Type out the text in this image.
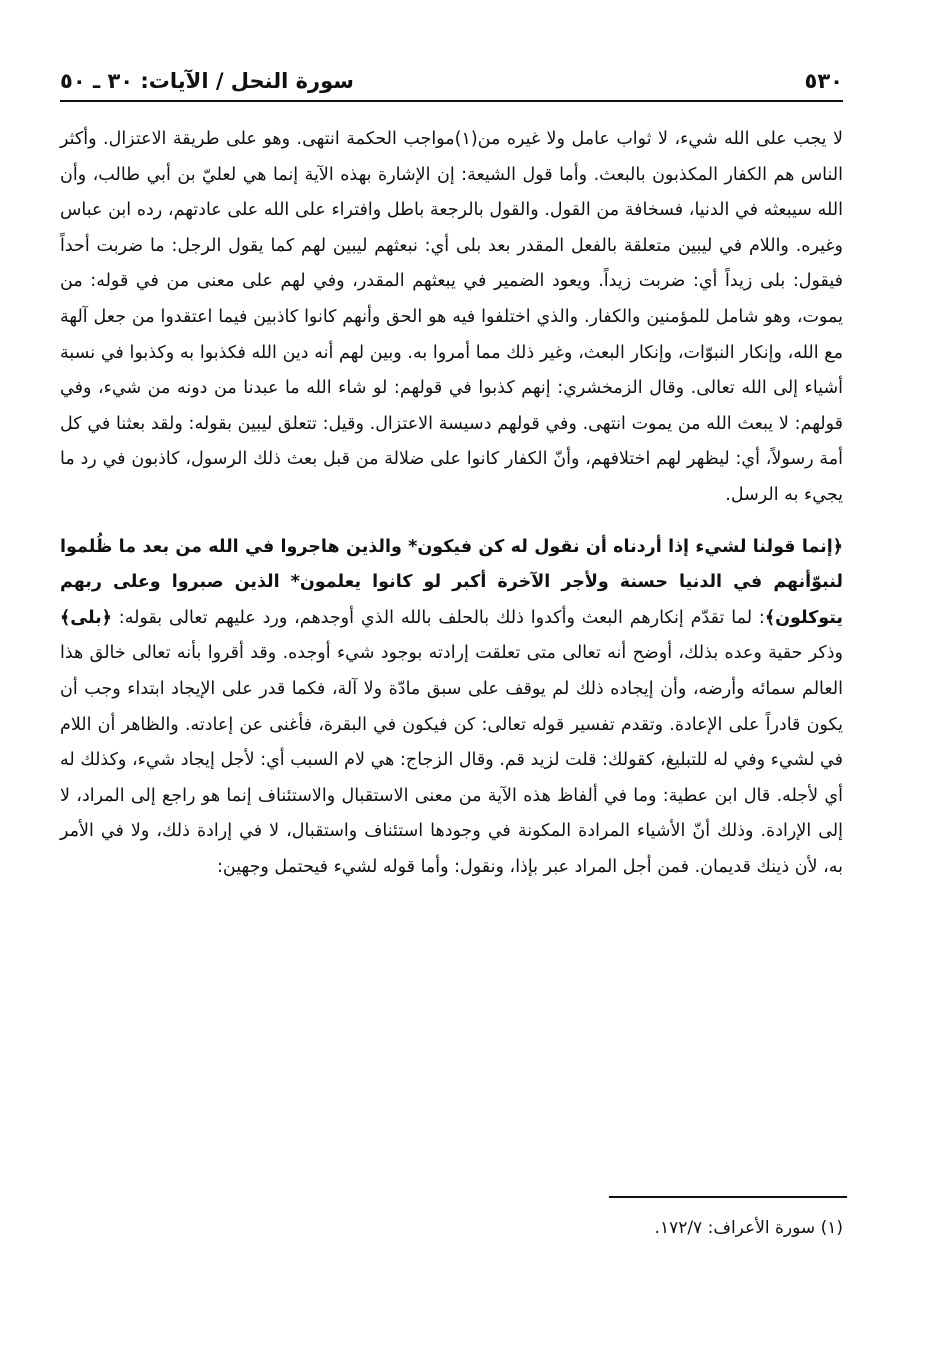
٥٣٠
سورة النحل / الآيات: ٣٠ ـ ٥٠

لا يجب على الله شيء، لا ثواب عامل ولا غيره من(١)مواجب الحكمة انتهى. وهو على طريقة الاعتزال. وأكثر الناس هم الكفار المكذبون بالبعث. وأما قول الشيعة: إن الإشارة بهذه الآية إنما هي لعليّ بن أبي طالب، وأن الله سيبعثه في الدنيا، فسخافة من القول. والقول بالرجعة باطل وافتراء على الله على عادتهم، رده ابن عباس وغيره. واللام في ليبين متعلقة بالفعل المقدر بعد بلى أي: نبعثهم ليبين لهم كما يقول الرجل: ما ضربت أحداً فيقول: بلى زيداً أي: ضربت زيداً. ويعود الضمير في يبعثهم المقدر، وفي لهم على معنى من في قوله: من يموت، وهو شامل للمؤمنين والكفار. والذي اختلفوا فيه هو الحق وأنهم كانوا كاذبين فيما اعتقدوا من جعل آلهة مع الله، وإنكار النبوّات، وإنكار البعث، وغير ذلك مما أمروا به. وبين لهم أنه دين الله فكذبوا به وكذبوا في نسبة أشياء إلى الله تعالى. وقال الزمخشري: إنهم كذبوا في قولهم: لو شاء الله ما عبدنا من دونه من شيء، وفي قولهم: لا يبعث الله من يموت انتهى. وفي قولهم دسيسة الاعتزال. وقيل: تتعلق ليبين بقوله: ولقد بعثنا في كل أمة رسولاً، أي: ليظهر لهم اختلافهم، وأنّ الكفار كانوا على ضلالة من قبل بعث ذلك الرسول، كاذبون في رد ما يجيء به الرسل.

﴿إنما قولنا لشيء إذا أردناه أن نقول له كن فيكون* والذين هاجروا في الله من بعد ما ظُلموا لنبوّأنهم في الدنيا حسنة ولأجر الآخرة أكبر لو كانوا يعلمون* الذين صبروا وعلى ربهم يتوكلون﴾: لما تقدّم إنكارهم البعث وأكدوا ذلك بالحلف بالله الذي أوجدهم، ورد عليهم تعالى بقوله: ﴿بلى﴾ وذكر حقية وعده بذلك، أوضح أنه تعالى متى تعلقت إرادته بوجود شيء أوجده. وقد أقروا بأنه تعالى خالق هذا العالم سمائه وأرضه، وأن إيجاده ذلك لم يوقف على سبق مادّة ولا آلة، فكما قدر على الإيجاد ابتداء وجب أن يكون قادراً على الإعادة. وتقدم تفسير قوله تعالى: كن فيكون في البقرة، فأغنى عن إعادته. والظاهر أن اللام في لشيء وفي له للتبليغ، كقولك: قلت لزيد قم. وقال الزجاج: هي لام السبب أي: لأجل إيجاد شيء، وكذلك له أي لأجله. قال ابن عطية: وما في ألفاظ هذه الآية من معنى الاستقبال والاستئناف إنما هو راجع إلى المراد، لا إلى الإرادة. وذلك أنّ الأشياء المرادة المكونة في وجودها استئناف واستقبال، لا في إرادة ذلك، ولا في الأمر به، لأن ذينك قديمان. فمن أجل المراد عبر بإذا، ونقول: وأما قوله لشيء فيحتمل وجهين:

(١) سورة الأعراف: ١٧٢/٧.
